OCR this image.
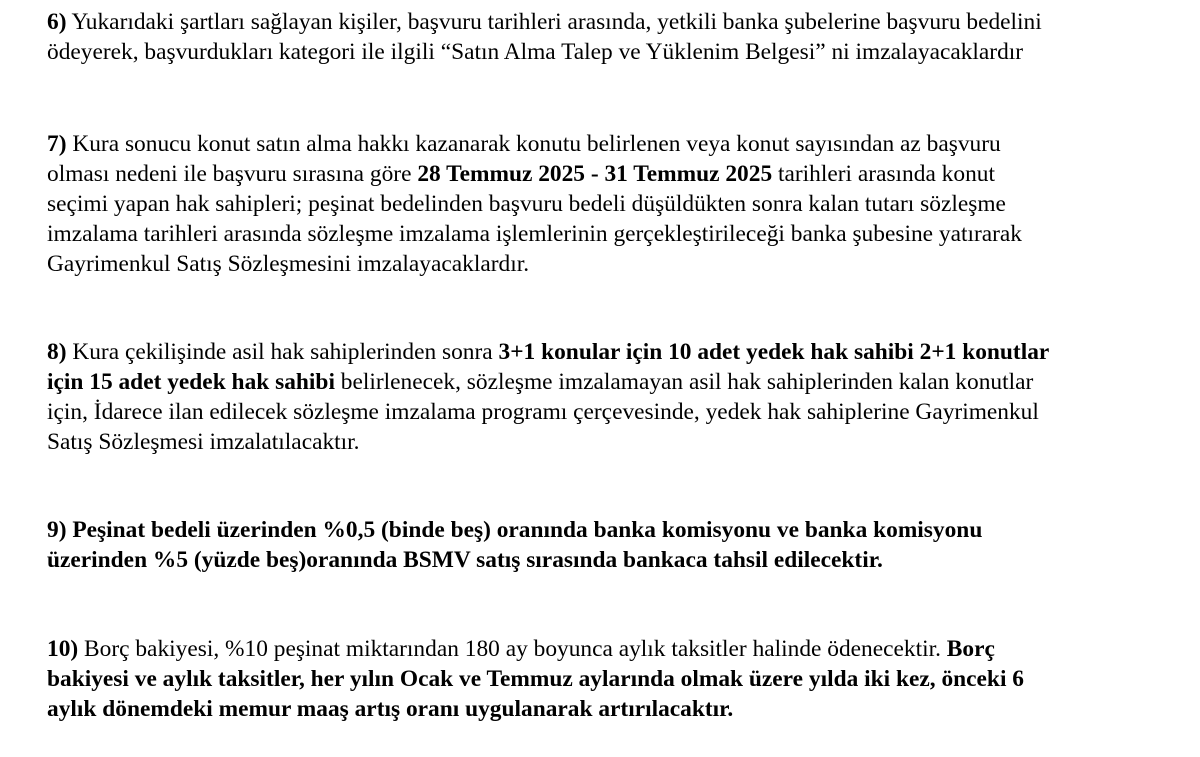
6) Yukarıdaki şartları sağlayan kişiler, başvuru tarihleri arasında, yetkili banka şubelerine başvuru bedelini
ödeyerek, başvurdukları kategori ile ilgili “Satın Alma Talep ve Yüklenim Belgesi” ni imzalayacaklardır
7) Kura sonucu konut satın alma hakkı kazanarak konutu belirlenen veya konut sayısından az başvuru
olması nedeni ile başvuru sırasına göre 28 Temmuz 2025 - 31 Temmuz 2025 tarihleri arasında konut
seçimi yapan hak sahipleri; peşinat bedelinden başvuru bedeli düşüldükten sonra kalan tutarı sözleşme
imzalama tarihleri arasında sözleşme imzalama işlemlerinin gerçekleştirileceği banka şubesine yatırarak
Gayrimenkul Satış Sözleşmesini imzalayacaklardır.
8) Kura çekilişinde asil hak sahiplerinden sonra 3+1 konular için 10 adet yedek hak sahibi 2+1 konutlar
için 15 adet yedek hak sahibi belirlenecek, sözleşme imzalamayan asil hak sahiplerinden kalan konutlar
için, İdarece ilan edilecek sözleşme imzalama programı çerçevesinde, yedek hak sahiplerine Gayrimenkul
Satış Sözleşmesi imzalatılacaktır.
9) Peşinat bedeli üzerinden %0,5 (binde beş) oranında banka komisyonu ve banka komisyonu
üzerinden %5 (yüzde beş)oranında BSMV satış sırasında bankaca tahsil edilecektir.
10) Borç bakiyesi, %10 peşinat miktarından 180 ay boyunca aylık taksitler halinde ödenecektir. Borç
bakiyesi ve aylık taksitler, her yılın Ocak ve Temmuz aylarında olmak üzere yılda iki kez, önceki 6
aylık dönemdeki memur maaş artış oranı uygulanarak artırılacaktır.
